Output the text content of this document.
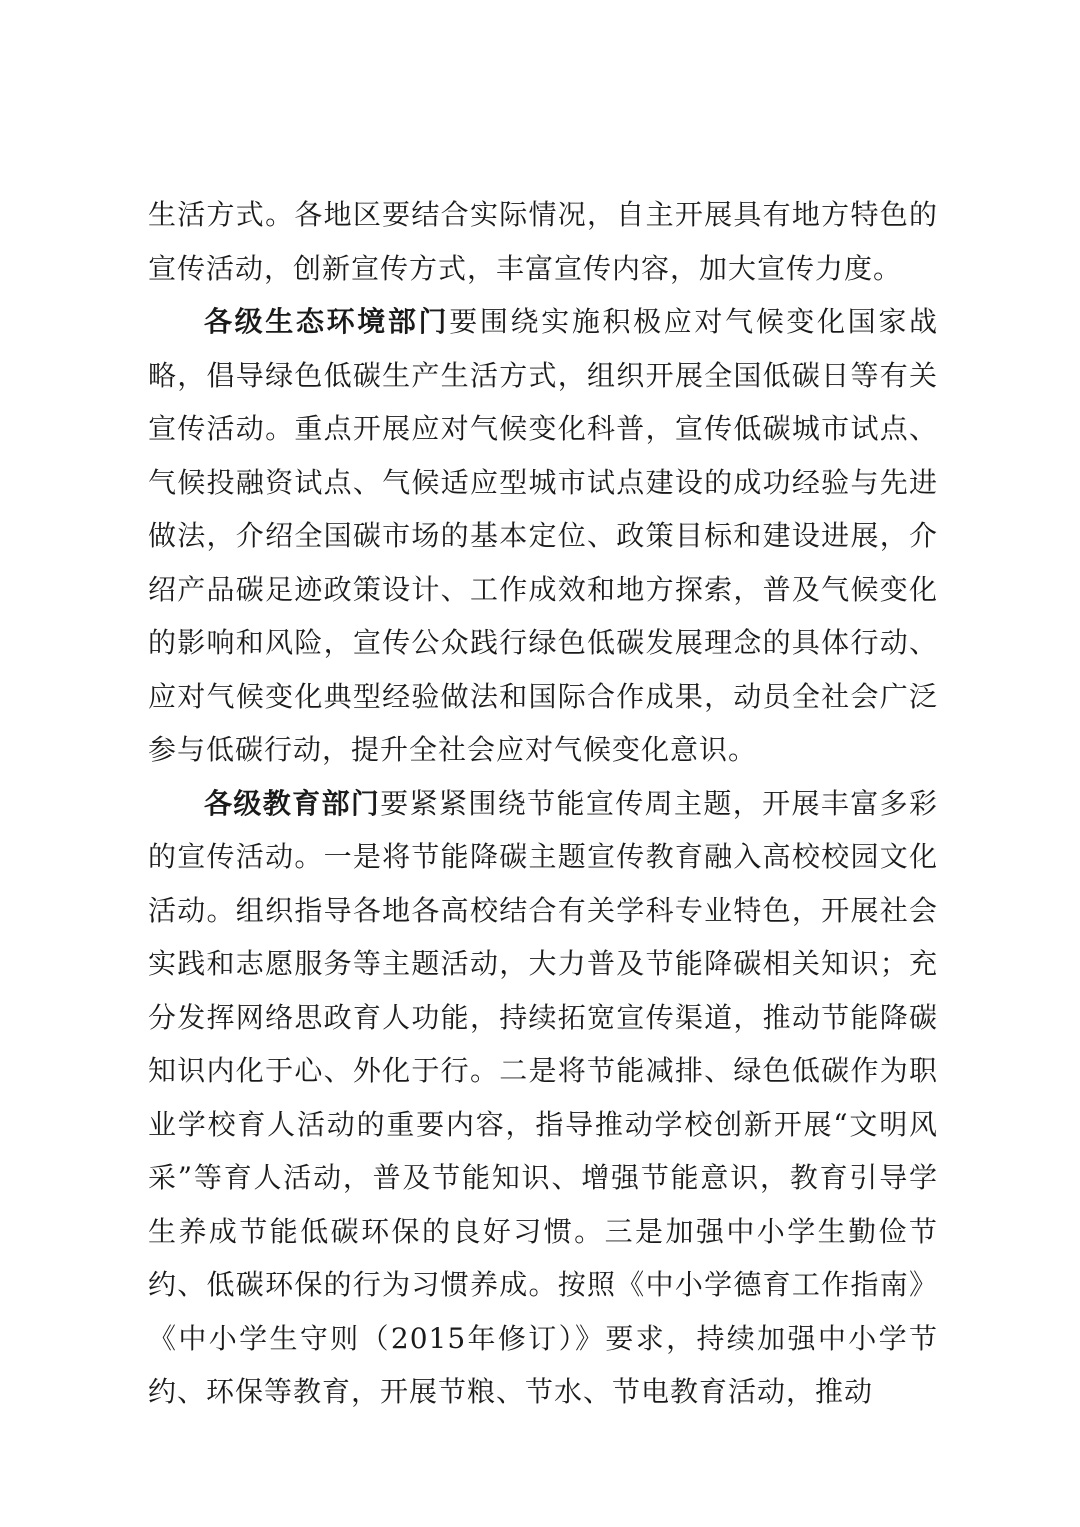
生活方式。各地区要结合实际情况，自主开展具有地方特色的宣传活动，创新宣传方式，丰富宣传内容，加大宣传力度。

各级生态环境部门要围绕实施积极应对气候变化国家战略，倡导绿色低碳生产生活方式，组织开展全国低碳日等有关宣传活动。重点开展应对气候变化科普，宣传低碳城市试点、气候投融资试点、气候适应型城市试点建设的成功经验与先进做法，介绍全国碳市场的基本定位、政策目标和建设进展，介绍产品碳足迹政策设计、工作成效和地方探索，普及气候变化的影响和风险，宣传公众践行绿色低碳发展理念的具体行动、应对气候变化典型经验做法和国际合作成果，动员全社会广泛参与低碳行动，提升全社会应对气候变化意识。

各级教育部门要紧紧围绕节能宣传周主题，开展丰富多彩的宣传活动。一是将节能降碳主题宣传教育融入高校校园文化活动。组织指导各地各高校结合有关学科专业特色，开展社会实践和志愿服务等主题活动，大力普及节能降碳相关知识；充分发挥网络思政育人功能，持续拓宽宣传渠道，推动节能降碳知识内化于心、外化于行。二是将节能减排、绿色低碳作为职业学校育人活动的重要内容，指导推动学校创新开展“文明风采”等育人活动，普及节能知识、增强节能意识，教育引导学生养成节能低碳环保的良好习惯。三是加强中小学生勤俭节约、低碳环保的行为习惯养成。按照《中小学德育工作指南》《中小学生守则（2015年修订）》要求，持续加强中小学节约、环保等教育，开展节粮、节水、节电教育活动，推动
